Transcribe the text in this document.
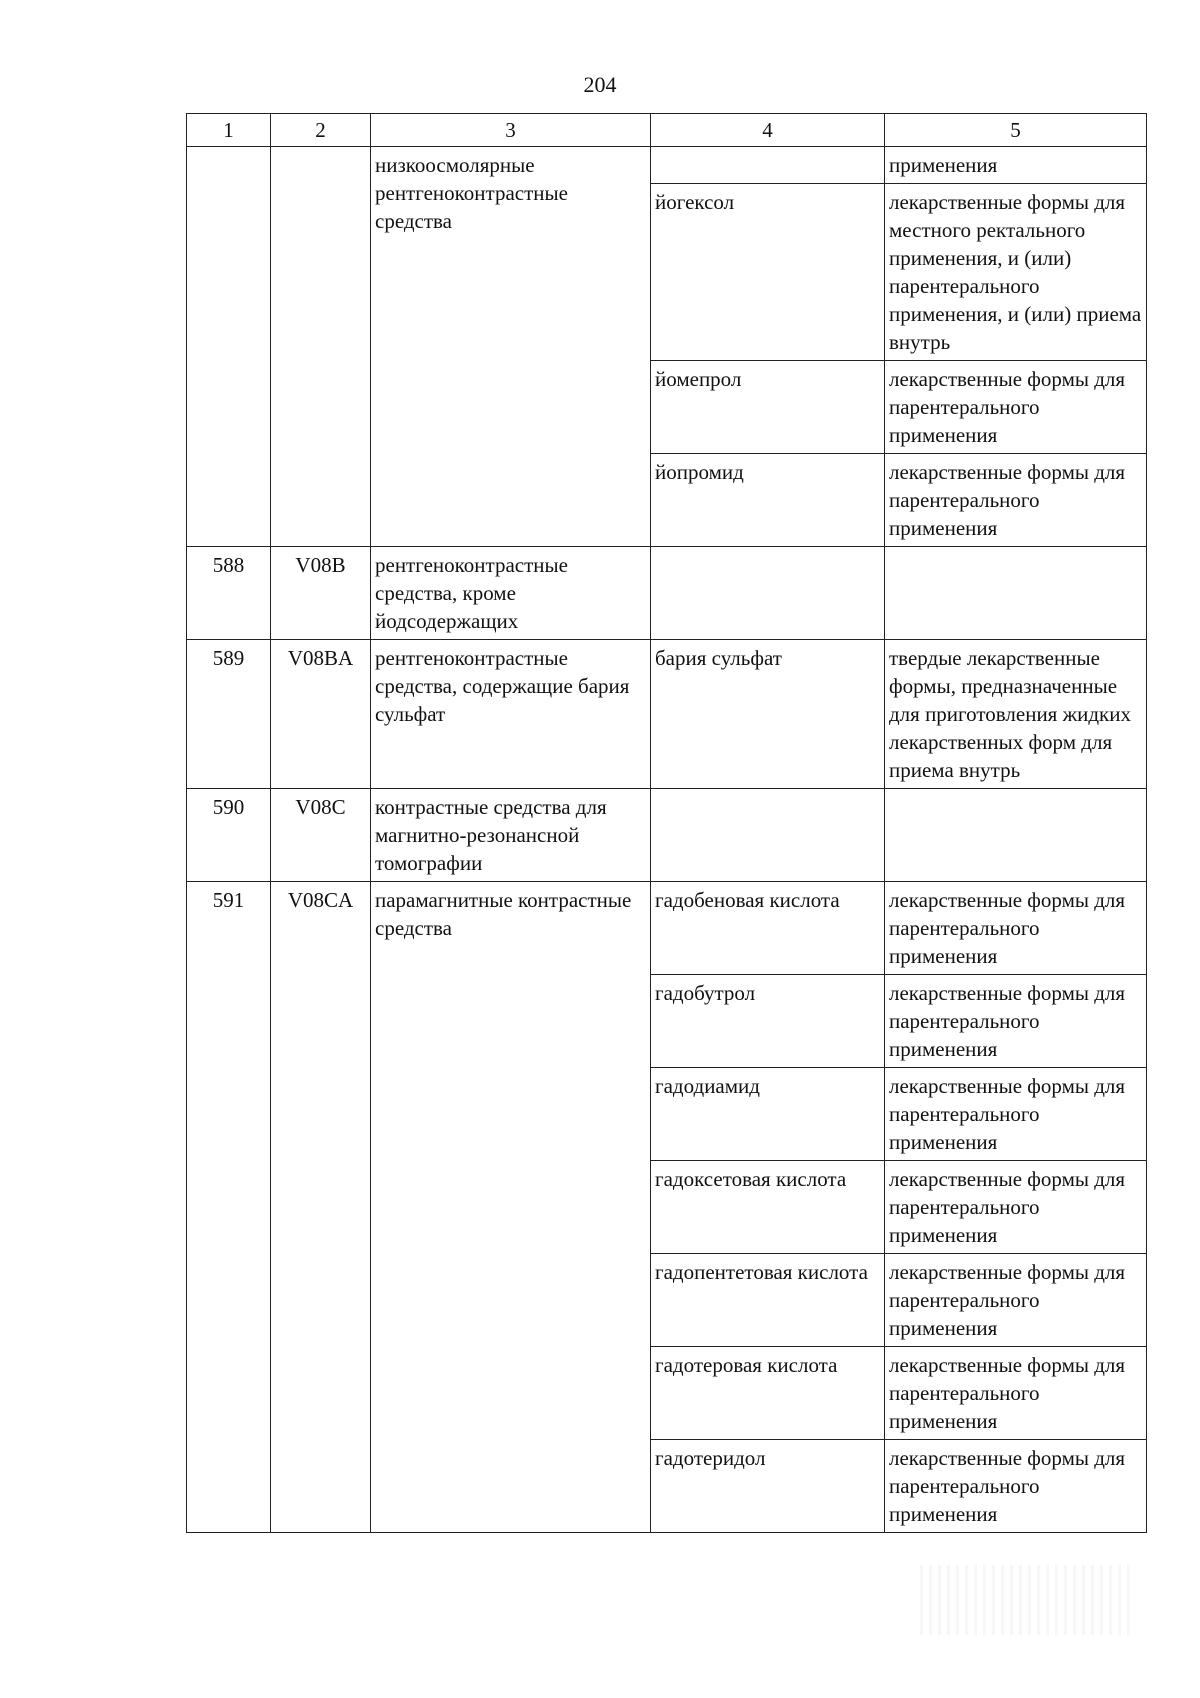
204
1	2	3	4	5
		низкоосмолярные рентгеноконтрастные средства		применения
			йогексол	лекарственные формы для местного ректального применения, и (или) парентерального применения, и (или) приема внутрь
			йомепрол	лекарственные формы для парентерального применения
			йопромид	лекарственные формы для парентерального применения
588	V08B	рентгеноконтрастные средства, кроме йодсодержащих		
589	V08BA	рентгеноконтрастные средства, содержащие бария сульфат	бария сульфат	твердые лекарственные формы, предназначенные для приготовления жидких лекарственных форм для приема внутрь
590	V08C	контрастные средства для магнитно-резонансной томографии		
591	V08CA	парамагнитные контрастные средства	гадобеновая кислота	лекарственные формы для парентерального применения
			гадобутрол	лекарственные формы для парентерального применения
			гадодиамид	лекарственные формы для парентерального применения
			гадоксетовая кислота	лекарственные формы для парентерального применения
			гадопентетовая кислота	лекарственные формы для парентерального применения
			гадотеровая кислота	лекарственные формы для парентерального применения
			гадотеридол	лекарственные формы для парентерального применения
